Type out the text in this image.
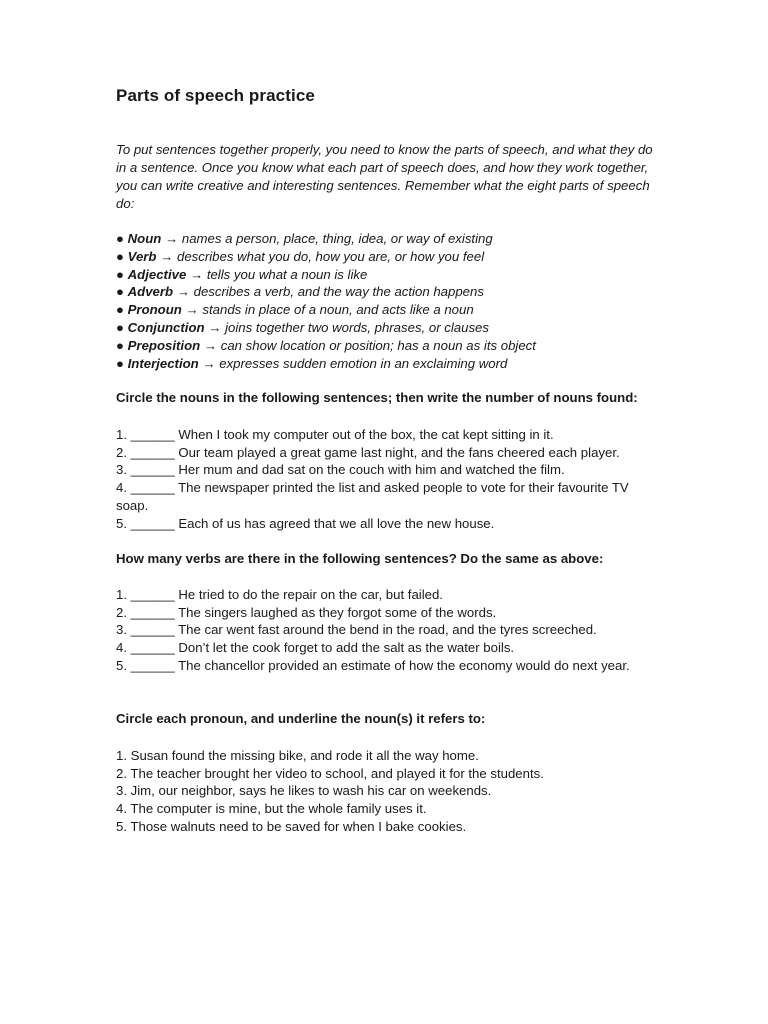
Parts of speech practice
To put sentences together properly, you need to know the parts of speech, and what they do in a sentence. Once you know what each part of speech does, and how they work together, you can write creative and interesting sentences. Remember what the eight parts of speech do:
● Noun → names a person, place, thing, idea, or way of existing
● Verb → describes what you do, how you are, or how you feel
● Adjective → tells you what a noun is like
● Adverb → describes a verb, and the way the action happens
● Pronoun → stands in place of a noun, and acts like a noun
● Conjunction → joins together two words, phrases, or clauses
● Preposition → can show location or position; has a noun as its object
● Interjection → expresses sudden emotion in an exclaiming word
Circle the nouns in the following sentences; then write the number of nouns found:
1. ______ When I took my computer out of the box, the cat kept sitting in it.
2. ______ Our team played a great game last night, and the fans cheered each player.
3. ______ Her mum and dad sat on the couch with him and watched the film.
4. ______ The newspaper printed the list and asked people to vote for their favourite TV soap.
5. ______ Each of us has agreed that we all love the new house.
How many verbs are there in the following sentences? Do the same as above:
1. ______ He tried to do the repair on the car, but failed.
2. ______ The singers laughed as they forgot some of the words.
3. ______ The car went fast around the bend in the road, and the tyres screeched.
4. ______ Don’t let the cook forget to add the salt as the water boils.
5. ______ The chancellor provided an estimate of how the economy would do next year.
Circle each pronoun, and underline the noun(s) it refers to:
1. Susan found the missing bike, and rode it all the way home.
2. The teacher brought her video to school, and played it for the students.
3. Jim, our neighbor, says he likes to wash his car on weekends.
4. The computer is mine, but the whole family uses it.
5. Those walnuts need to be saved for when I bake cookies.
